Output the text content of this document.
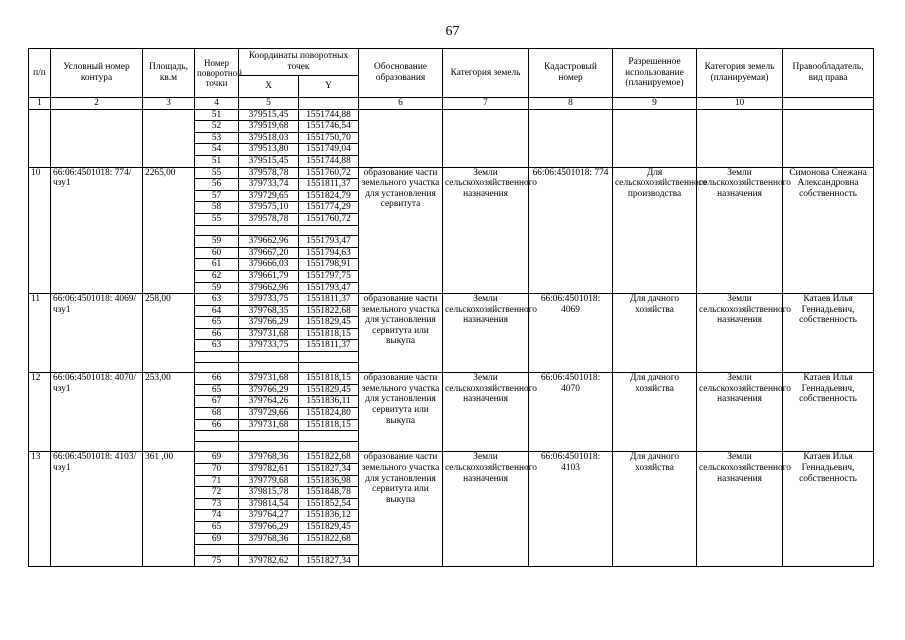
67
п/п	Условный номер контура	Площадь, кв.м	Номер поворотной точки	Координаты поворотных точек		Обоснование образования	Категория земель	Кадастровый номер	Разрешенное использование (планируемое)	Категория земель (планируемая)	Правообладатель, вид права
				X	Y						
1	2	3	4	5		6	7	8	9	10	
			51	379515,45	1551744,88						
			52	379519,68	1551746,54						
			53	379518,03	1551750,70						
			54	379513,80	1551749,04						
			51	379515,45	1551744,88						
10	66:06:4501018: 774/чзу1	2265,00	55	379578,78	1551760,72	образование части земельного участка для установления сервитута	Земли сельскохозяйственного назначения	66:06:4501018: 774	Для сельскохозяйственного производства	Земли сельскохозяйственного назначения	Симонова Снежана Александровна собственность
			56	379733,74	1551811,37						
			57	379729,65	1551824,79						
			58	379575,10	1551774,29						
			55	379578,78	1551760,72						

			59	379662,96	1551793,47						
			60	379667,20	1551794,63						
			61	379666,03	1551798,91						
			62	379661,79	1551797,75						
			59	379662,96	1551793,47						
11	66:06:4501018: 4069/чзу1	258,00	63	379733,75	1551811,37	образование части земельного участка для установления сервитута или выкупа	Земли сельскохозяйственного назначения	66:06:4501018: 4069	Для дачного хозяйства	Земли сельскохозяйственного назначения	Катаев Илья Геннадьевич, собственность
			64	379768,35	1551822,68						
			65	379766,29	1551829,45						
			66	379731,68	1551818,15						
			63	379733,75	1551811,37						

12	66:06:4501018: 4070/чзу1	253,00	66	379731,68	1551818,15	образование части земельного участка для установления сервитута или выкупа	Земли сельскохозяйственного назначения	66:06:4501018: 4070	Для дачного хозяйства	Земли сельскохозяйственного назначения	Катаев Илья Геннадьевич, собственность
			65	379766,29	1551829,45						
			67	379764,26	1551836,11						
			68	379729,66	1551824,80						
			66	379731,68	1551818,15						

13	66:06:4501018: 4103/чзу1	361 ,00	69	379768,36	1551822,68	образование части земельного участка для установления сервитута или выкупа	Земли сельскохозяйственного назначения	66:06:4501018: 4103	Для дачного хозяйства	Земли сельскохозяйственного назначения	Катаев Илья Геннадьевич, собственность
			70	379782,61	1551827,34						
			71	379779,68	1551836,98						
			72	379815,78	1551848,78						
			73	379814,54	1551852,54						
			74	379764,27	1551836,12						
			65	379766,29	1551829,45						
			69	379768,36	1551822,68						

			75	379782,62	1551827,34						
